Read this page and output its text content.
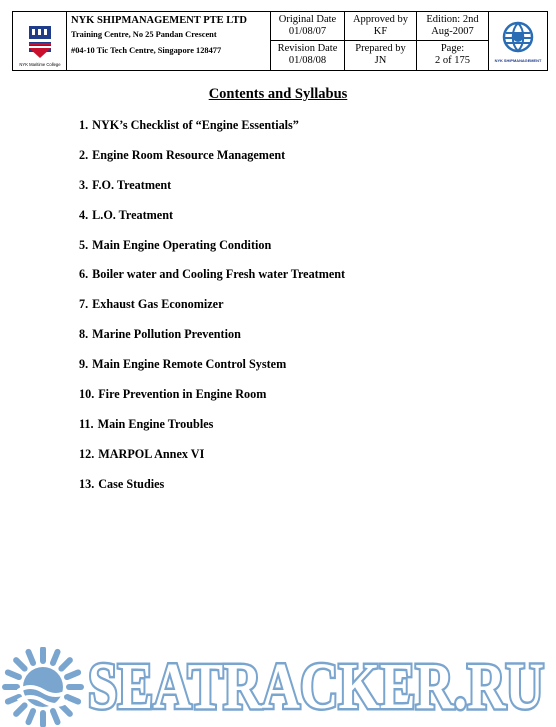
NYK Maritime College
NYK SHIPMANAGEMENT PTE LTD
Training Centre, No 25 Pandan Crescent
#04-10 Tic Tech Centre, Singapore 128477
Original Date
01/08/07
Approved by
KF
Edition: 2nd
Aug-2007
Revision Date
01/08/08
Prepared by
JN
Page:
2 of 175	NYK SHIPMANAGEMENT
Contents and Syllabus
1. NYK’s Checklist of “Engine Essentials”
2. Engine Room Resource Management
3. F.O. Treatment
4. L.O. Treatment
5. Main Engine Operating Condition
6. Boiler water and Cooling Fresh water Treatment
7. Exhaust Gas Economizer
8. Marine Pollution Prevention
9. Main Engine Remote Control System
10. Fire Prevention in Engine Room
11. Main Engine Troubles
12. MARPOL Annex VI
13. Case Studies
SEATRACKER.RU
